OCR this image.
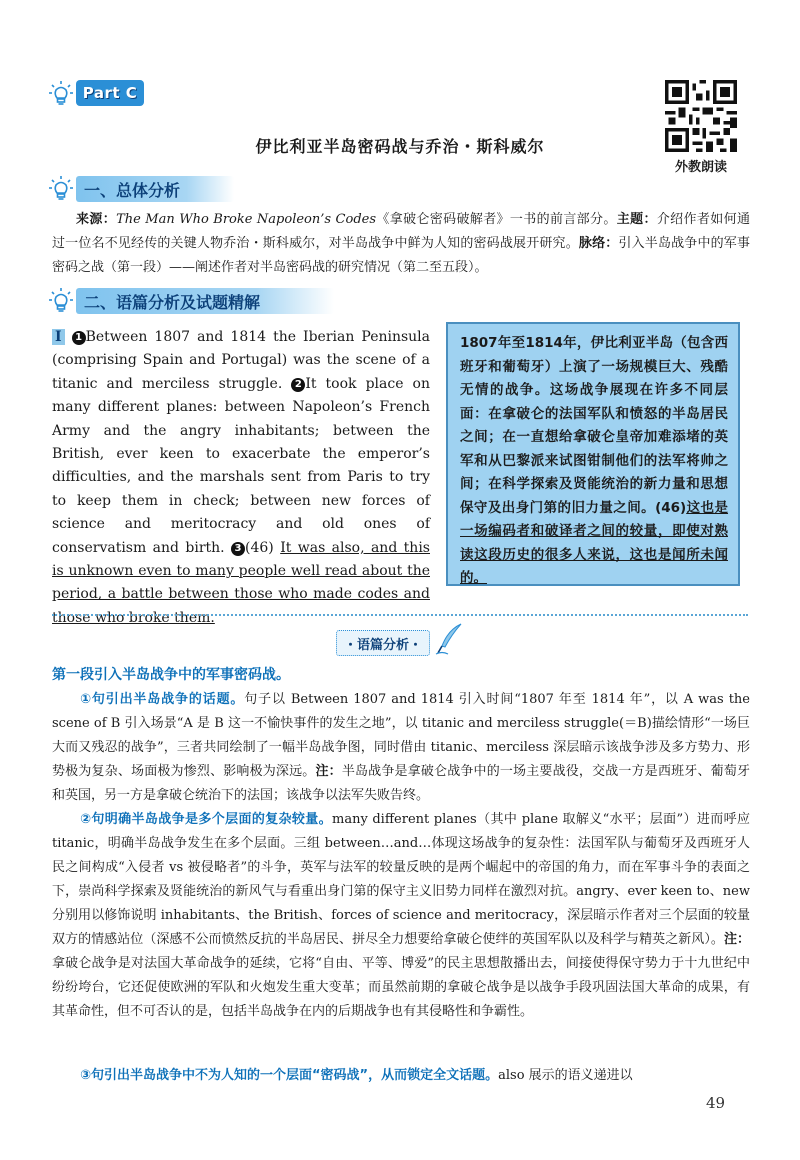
Part C
外教朗读
伊比利亚半岛密码战与乔治・斯科威尔
一、总体分析
来源：The Man Who Broke Napoleon’s Codes《拿破仑密码破解者》一书的前言部分。主题：介绍作者如何通过一位名不见经传的关键人物乔治・斯科威尔，对半岛战争中鲜为人知的密码战展开研究。脉络：引入半岛战争中的军事密码之战（第一段）——阐述作者对半岛密码战的研究情况（第二至五段）。
二、语篇分析及试题精解
I 1 Between 1807 and 1814 the Iberian Peninsula (comprising Spain and Portugal) was the scene of a titanic and merciless struggle. 2 It took place on many different planes: between Napoleon’s French Army and the angry inhabitants; between the British, ever keen to exacerbate the emperor’s difficulties, and the marshals sent from Paris to try to keep them in check; between new forces of science and meritocracy and old ones of conservatism and birth. 3 (46) It was also, and this is unknown even to many people well read about the period, a battle between those who made codes and those who broke them.
1807年至1814年，伊比利亚半岛（包含西班牙和葡萄牙）上演了一场规模巨大、残酷无情的战争。这场战争展现在许多不同层面：在拿破仑的法国军队和愤怒的半岛居民之间；在一直想给拿破仑皇帝加难添堵的英军和从巴黎派来试图钳制他们的法军将帅之间；在科学探索及贤能统治的新力量和思想保守及出身门第的旧力量之间。(46)这也是一场编码者和破译者之间的较量，即使对熟读这段历史的很多人来说，这也是闻所未闻的。
・语篇分析・
第一段引入半岛战争中的军事密码战。
①句引出半岛战争的话题。句子以 Between 1807 and 1814 引入时间“1807 年至 1814 年”，以 A was the scene of B 引入场景“A 是 B 这一不愉快事件的发生之地”，以 titanic and merciless struggle(＝B)描绘情形“一场巨大而又残忍的战争”，三者共同绘制了一幅半岛战争图，同时借由 titanic、merciless 深层暗示该战争涉及多方势力、形势极为复杂、场面极为惨烈、影响极为深远。注：半岛战争是拿破仑战争中的一场主要战役，交战一方是西班牙、葡萄牙和英国，另一方是拿破仑统治下的法国；该战争以法军失败告终。
②句明确半岛战争是多个层面的复杂较量。many different planes（其中 plane 取解义“水平；层面”）进而呼应 titanic，明确半岛战争发生在多个层面。三组 between…and…体现这场战争的复杂性：法国军队与葡萄牙及西班牙人民之间构成“入侵者 vs 被侵略者”的斗争，英军与法军的较量反映的是两个崛起中的帝国的角力，而在军事斗争的表面之下，崇尚科学探索及贤能统治的新风气与看重出身门第的保守主义旧势力同样在激烈对抗。angry、ever keen to、new 分别用以修饰说明 inhabitants、the British、forces of science and meritocracy，深层暗示作者对三个层面的较量双方的情感站位（深感不公而愤然反抗的半岛居民、拼尽全力想要给拿破仑使绊的英国军队以及科学与精英之新风）。注：拿破仑战争是对法国大革命战争的延续，它将“自由、平等、博爱”的民主思想散播出去，间接使得保守势力于十九世纪中纷纷垮台，它还促使欧洲的军队和火炮发生重大变革；而虽然前期的拿破仑战争是以战争手段巩固法国大革命的成果，有其革命性，但不可否认的是，包括半岛战争在内的后期战争也有其侵略性和争霸性。
③句引出半岛战争中不为人知的一个层面“密码战”，从而锁定全文话题。also 展示的语义递进以
49
